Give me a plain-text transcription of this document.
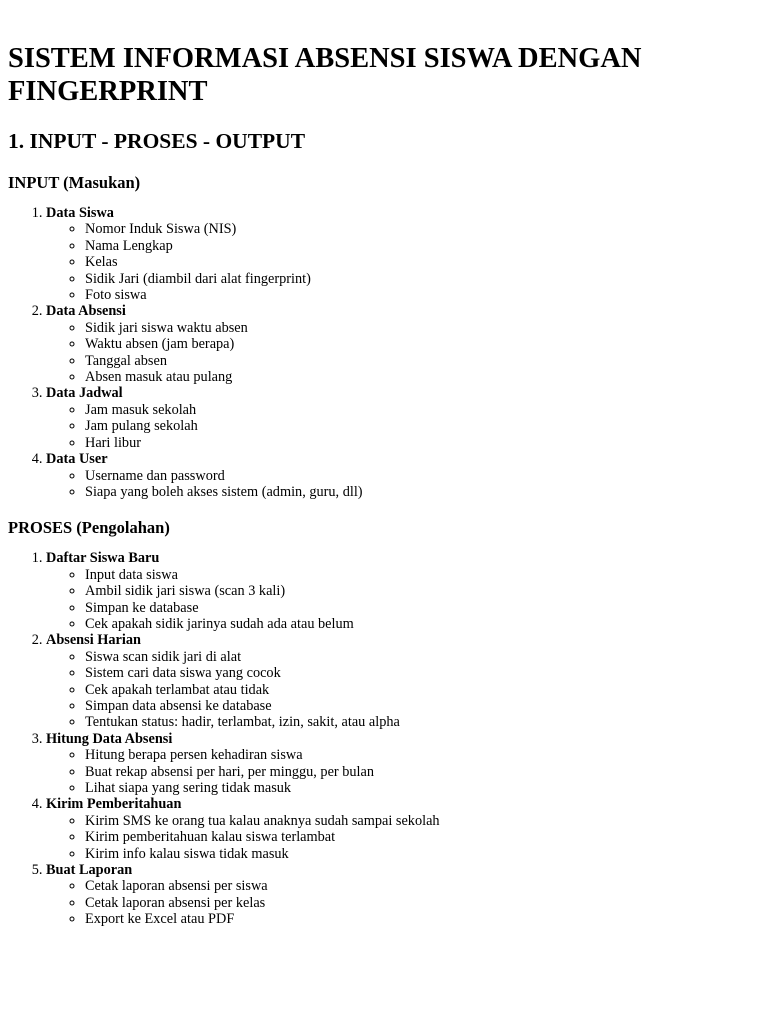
SISTEM INFORMASI ABSENSI SISWA DENGAN FINGERPRINT
1. INPUT - PROSES - OUTPUT
INPUT (Masukan)
1. Data Siswa
◦ Nomor Induk Siswa (NIS)
◦ Nama Lengkap
◦ Kelas
◦ Sidik Jari (diambil dari alat fingerprint)
◦ Foto siswa
2. Data Absensi
◦ Sidik jari siswa waktu absen
◦ Waktu absen (jam berapa)
◦ Tanggal absen
◦ Absen masuk atau pulang
3. Data Jadwal
◦ Jam masuk sekolah
◦ Jam pulang sekolah
◦ Hari libur
4. Data User
◦ Username dan password
◦ Siapa yang boleh akses sistem (admin, guru, dll)
PROSES (Pengolahan)
1. Daftar Siswa Baru
◦ Input data siswa
◦ Ambil sidik jari siswa (scan 3 kali)
◦ Simpan ke database
◦ Cek apakah sidik jarinya sudah ada atau belum
2. Absensi Harian
◦ Siswa scan sidik jari di alat
◦ Sistem cari data siswa yang cocok
◦ Cek apakah terlambat atau tidak
◦ Simpan data absensi ke database
◦ Tentukan status: hadir, terlambat, izin, sakit, atau alpha
3. Hitung Data Absensi
◦ Hitung berapa persen kehadiran siswa
◦ Buat rekap absensi per hari, per minggu, per bulan
◦ Lihat siapa yang sering tidak masuk
4. Kirim Pemberitahuan
◦ Kirim SMS ke orang tua kalau anaknya sudah sampai sekolah
◦ Kirim pemberitahuan kalau siswa terlambat
◦ Kirim info kalau siswa tidak masuk
5. Buat Laporan
◦ Cetak laporan absensi per siswa
◦ Cetak laporan absensi per kelas
◦ Export ke Excel atau PDF
